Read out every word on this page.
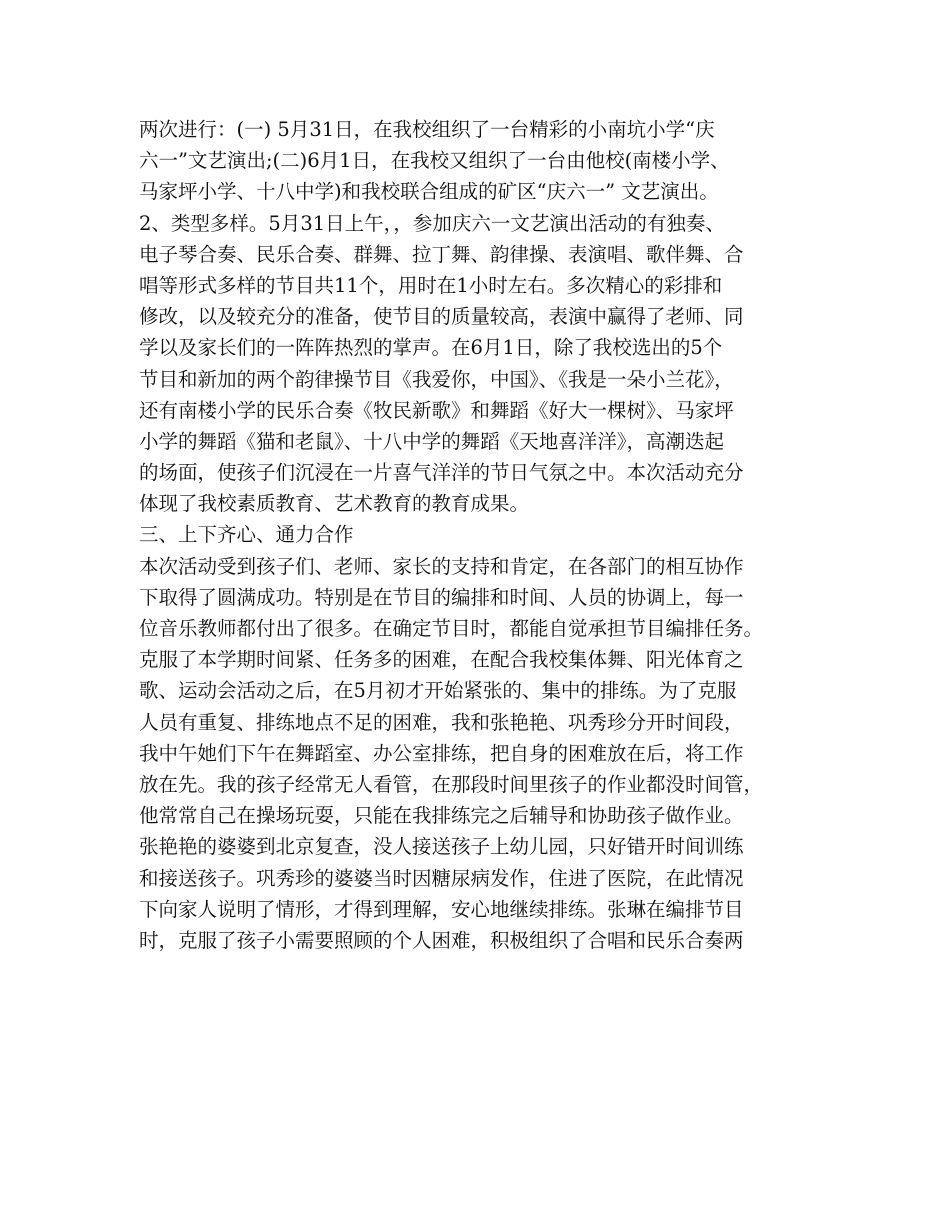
两次进行：(一) 5月31日，在我校组织了一台精彩的小南坑小学“庆
六一”文艺演出;(二)6月1日，在我校又组织了一台由他校(南楼小学、
马家坪小学、十八中学)和我校联合组成的矿区“庆六一” 文艺演出。
2、类型多样。5月31日上午，，参加庆六一文艺演出活动的有独奏、
电子琴合奏、民乐合奏、群舞、拉丁舞、韵律操、表演唱、歌伴舞、合
唱等形式多样的节目共11个，用时在1小时左右。多次精心的彩排和
修改，以及较充分的准备，使节目的质量较高，表演中赢得了老师、同
学以及家长们的一阵阵热烈的掌声。在6月1日，除了我校选出的5个
节目和新加的两个韵律操节目《我爱你，中国》、《我是一朵小兰花》，
还有南楼小学的民乐合奏《牧民新歌》和舞蹈《好大一棵树》、马家坪
小学的舞蹈《猫和老鼠》、十八中学的舞蹈《天地喜洋洋》，高潮迭起
的场面，使孩子们沉浸在一片喜气洋洋的节日气氛之中。本次活动充分
体现了我校素质教育、艺术教育的教育成果。
三、上下齐心、通力合作
本次活动受到孩子们、老师、家长的支持和肯定，在各部门的相互协作
下取得了圆满成功。特别是在节目的编排和时间、人员的协调上，每一
位音乐教师都付出了很多。在确定节目时，都能自觉承担节目编排任务。
克服了本学期时间紧、任务多的困难，在配合我校集体舞、阳光体育之
歌、运动会活动之后，在5月初才开始紧张的、集中的排练。为了克服
人员有重复、排练地点不足的困难，我和张艳艳、巩秀珍分开时间段，
我中午她们下午在舞蹈室、办公室排练，把自身的困难放在后，将工作
放在先。我的孩子经常无人看管，在那段时间里孩子的作业都没时间管，
他常常自己在操场玩耍，只能在我排练完之后辅导和协助孩子做作业。
张艳艳的婆婆到北京复查，没人接送孩子上幼儿园，只好错开时间训练
和接送孩子。巩秀珍的婆婆当时因糖尿病发作，住进了医院，在此情况
下向家人说明了情形，才得到理解，安心地继续排练。张琳在编排节目
时，克服了孩子小需要照顾的个人困难，积极组织了合唱和民乐合奏两
